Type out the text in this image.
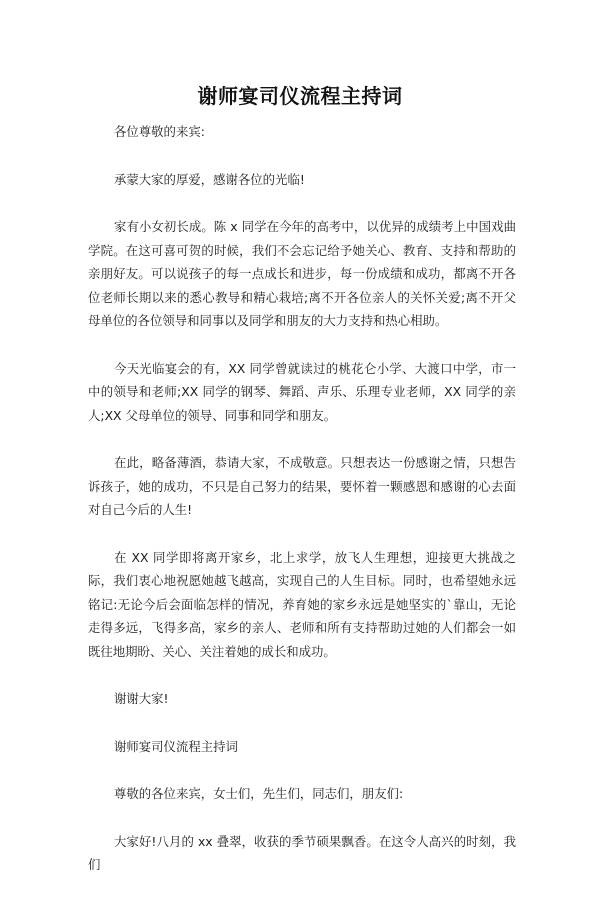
谢师宴司仪流程主持词

各位尊敬的来宾:

承蒙大家的厚爱，感谢各位的光临!

家有小女初长成。陈 x 同学在今年的高考中，以优异的成绩考上中国戏曲学院。在这可喜可贺的时候，我们不会忘记给予她关心、教育、支持和帮助的亲朋好友。可以说孩子的每一点成长和进步，每一份成绩和成功，都离不开各位老师长期以来的悉心教导和精心栽培;离不开各位亲人的关怀关爱;离不开父母单位的各位领导和同事以及同学和朋友的大力支持和热心相助。

今天光临宴会的有，XX 同学曾就读过的桃花仑小学、大渡口中学，市一中的领导和老师;XX 同学的钢琴、舞蹈、声乐、乐理专业老师，XX 同学的亲人;XX 父母单位的领导、同事和同学和朋友。

在此，略备薄酒，恭请大家，不成敬意。只想表达一份感谢之情，只想告诉孩子，她的成功，不只是自己努力的结果，要怀着一颗感恩和感谢的心去面对自己今后的人生!

在 XX 同学即将离开家乡，北上求学，放飞人生理想，迎接更大挑战之际，我们衷心地祝愿她越飞越高，实现自己的人生目标。同时，也希望她永远铭记:无论今后会面临怎样的情况，养育她的家乡永远是她坚实的`靠山，无论走得多远，飞得多高，家乡的亲人、老师和所有支持帮助过她的人们都会一如既往地期盼、关心、关注着她的成长和成功。

谢谢大家!

谢师宴司仪流程主持词

尊敬的各位来宾，女士们，先生们，同志们，朋友们:

大家好!八月的 xx 叠翠，收获的季节硕果飘香。在这令人高兴的时刻，我们
